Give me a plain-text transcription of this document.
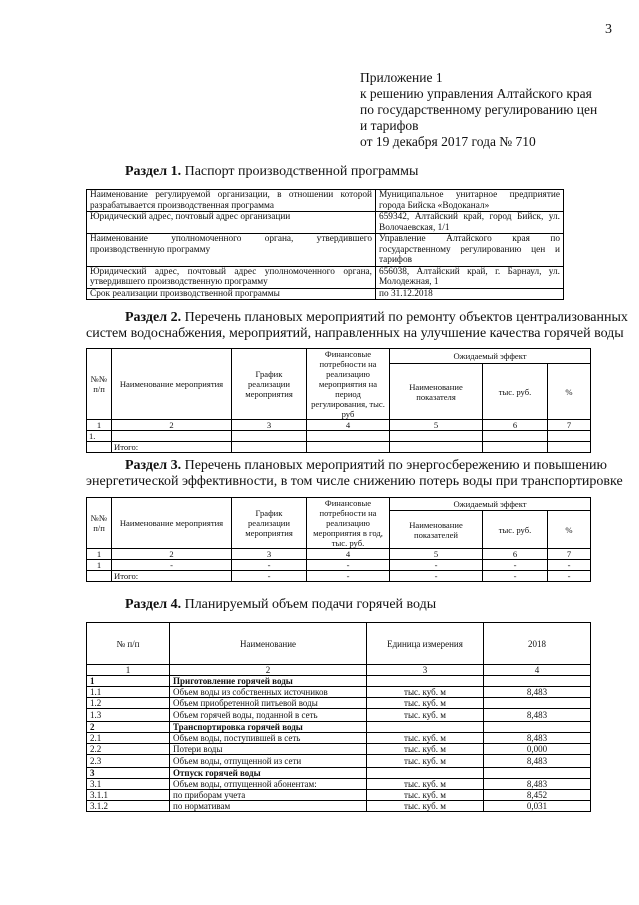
3
Приложение 1
к решению управления Алтайского края
по государственному регулированию цен
и тарифов
от 19 декабря 2017 года № 710
Раздел 1. Паспорт производственной программы
Наименование регулируемой организации, в отношении которой разрабатывается производственная программа	Муниципальное унитарное предприятие города Бийска «Водоканал»
Юридический адрес, почтовый адрес организации	659342, Алтайский край, город Бийск, ул. Волочаевская, 1/1
Наименование уполномоченного органа, утвердившего производственную программу	Управление Алтайского края по государственному регулированию цен и тарифов
Юридический адрес, почтовый адрес уполномоченного органа, утвердившего производственную программу	656038, Алтайский край, г. Барнаул, ул. Молодежная, 1
Срок реализации производственной программы	по 31.12.2018
Раздел 2. Перечень плановых мероприятий по ремонту объектов централизованных
систем водоснабжения, мероприятий, направленных на улучшение качества горячей воды
№№ п/п	Наименование мероприятия	График реализации мероприятия	Финансовые потребности на реализацию мероприятия на период регулирования, тыс. руб	Ожидаемый эффект		
				Наименование показателя	тыс. руб.	%
1	2	3	4	5	6	7
1.						
	Итого:					
Раздел 3. Перечень плановых мероприятий по энергосбережению и повышению
энергетической эффективности, в том числе снижению потерь воды при транспортировке
№№ п/п	Наименование мероприятия	График реализации мероприятия	Финансовые потребности на реализацию мероприятия в год, тыс. руб.	Ожидаемый эффект		
				Наименование показателей	тыс. руб.	%
1	2	3	4	5	6	7
1	-	-	-	-	-	-
	Итого:	-	-	-	-	-
Раздел 4. Планируемый объем подачи горячей воды
№ п/п	Наименование	Единица измерения	2018
1	2	3	4
1	Приготовление горячей воды		
1.1	Объем воды из собственных источников	тыс. куб. м	8,483
1.2	Объем приобретенной питьевой воды	тыс. куб. м	
1.3	Объем горячей воды, поданной в сеть	тыс. куб. м	8,483
2	Транспортировка горячей воды		
2.1	Объем воды, поступившей в сеть	тыс. куб. м	8,483
2.2	Потери воды	тыс. куб. м	0,000
2.3	Объем воды, отпущенной из сети	тыс. куб. м	8,483
3	Отпуск горячей воды		
3.1	Объем воды, отпущенной абонентам:	тыс. куб. м	8,483
3.1.1	по приборам учета	тыс. куб. м	8,452
3.1.2	по нормативам	тыс. куб. м	0,031
